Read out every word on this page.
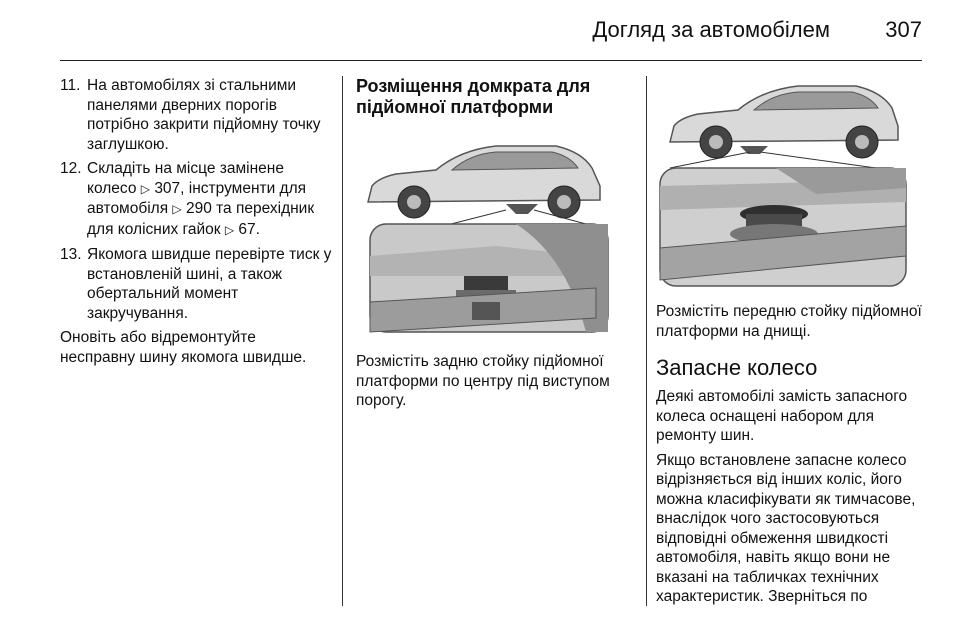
Догляд за автомобілем	307
11. На автомобілях зі стальними панелями дверних порогів потрібно закрити підйомну точку заглушкою.
12. Складіть на місце замінене колесо ▷ 307, інструменти для автомобіля ▷ 290 та перехідник для колісних гайок ▷ 67.
13. Якомога швидше перевірте тиск у встановленій шині, а також обертальний момент закручування.

Оновіть або відремонтуйте несправну шину якомога швидше.

Розміщення домкрата для підйомної платформи

Розмістіть задню стойку підйомної платформи по центру під виступом порогу.

Розмістіть передню стойку підйомної платформи на днищі.

Запасне колесо

Деякі автомобілі замість запасного колеса оснащені набором для ремонту шин.

Якщо встановлене запасне колесо відрізняється від інших коліс, його можна класифікувати як тимчасове, внаслідок чого застосовуються відповідні обмеження швидкості автомобіля, навіть якщо вони не вказані на табличках технічних характеристик. Зверніться по
